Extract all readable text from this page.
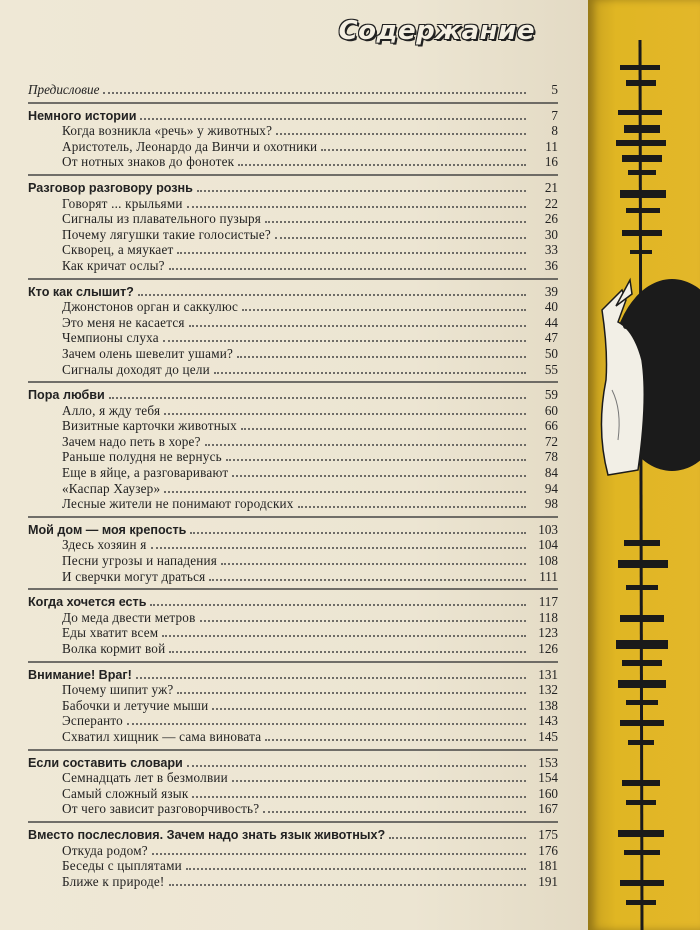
Содержание
Предисловие	5
Немного истории	7
Когда возникла «речь» у животных?	8
Аристотель, Леонардо да Винчи и охотники	11
От нотных знаков до фонотек	16
Разговор разговору рознь	21
Говорят ... крыльями	22
Сигналы из плавательного пузыря	26
Почему лягушки такие голосистые?	30
Скворец, а мяукает	33
Как кричат ослы?	36
Кто как слышит?	39
Джонстонов орган и саккулюс	40
Это меня не касается	44
Чемпионы слуха	47
Зачем олень шевелит ушами?	50
Сигналы доходят до цели	55
Пора любви	59
Алло, я жду тебя	60
Визитные карточки животных	66
Зачем надо петь в хоре?	72
Раньше полудня не вернусь	78
Еще в яйце, а разговаривают	84
«Каспар Хаузер»	94
Лесные жители не понимают городских	98
Мой дом — моя крепость	103
Здесь хозяин я	104
Песни угрозы и нападения	108
И сверчки могут драться	111
Когда хочется есть	117
До меда двести метров	118
Еды хватит всем	123
Волка кормит вой	126
Внимание! Враг!	131
Почему шипит уж?	132
Бабочки и летучие мыши	138
Эсперанто	143
Схватил хищник — сама виновата	145
Если составить словари	153
Семнадцать лет в безмолвии	154
Самый сложный язык	160
От чего зависит разговорчивость?	167
Вместо послесловия. Зачем надо знать язык животных?	175
Откуда родом?	176
Беседы с цыплятами	181
Ближе к природе!	191
